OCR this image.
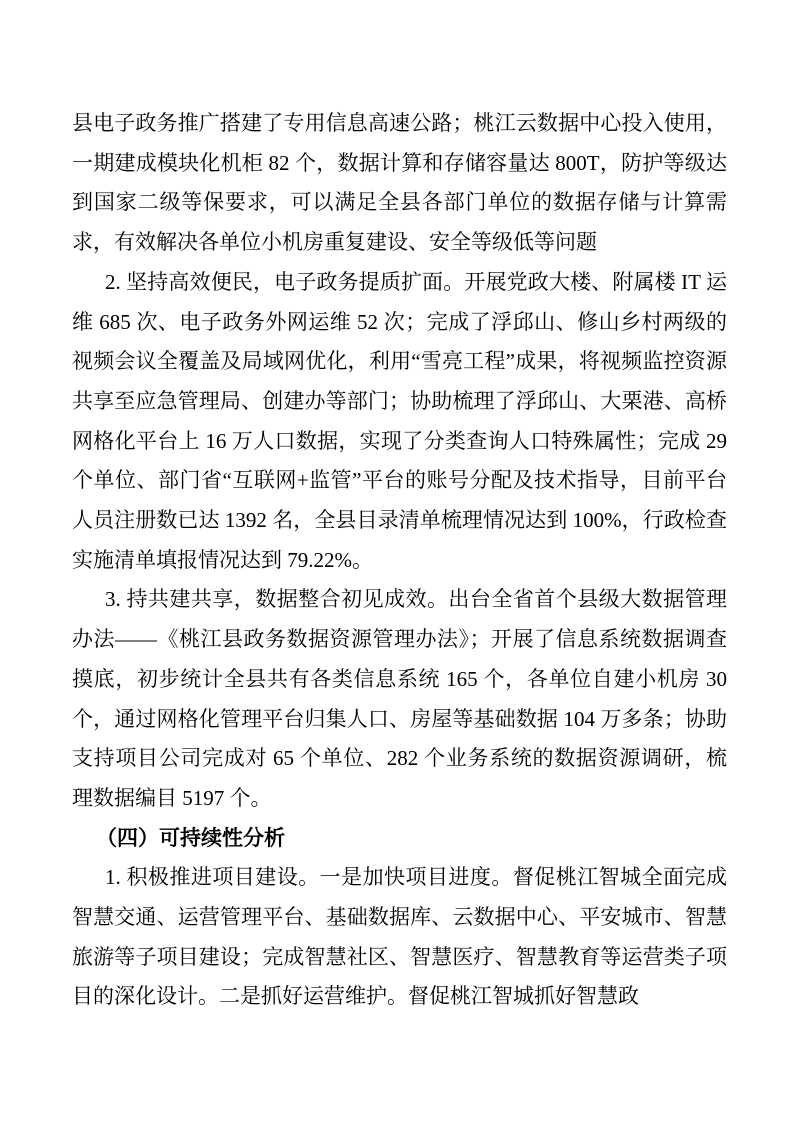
县电子政务推广搭建了专用信息高速公路；桃江云数据中心投入使用，一期建成模块化机柜 82 个，数据计算和存储容量达 800T，防护等级达到国家二级等保要求，可以满足全县各部门单位的数据存储与计算需求，有效解决各单位小机房重复建设、安全等级低等问题

2. 坚持高效便民，电子政务提质扩面。开展党政大楼、附属楼 IT 运维 685 次、电子政务外网运维 52 次；完成了浮邱山、修山乡村两级的视频会议全覆盖及局域网优化，利用“雪亮工程”成果，将视频监控资源共享至应急管理局、创建办等部门；协助梳理了浮邱山、大栗港、高桥网格化平台上 16 万人口数据，实现了分类查询人口特殊属性；完成 29 个单位、部门省“互联网+监管”平台的账号分配及技术指导，目前平台人员注册数已达 1392 名，全县目录清单梳理情况达到 100%，行政检查实施清单填报情况达到 79.22%。

3. 持共建共享，数据整合初见成效。出台全省首个县级大数据管理办法——《桃江县政务数据资源管理办法》；开展了信息系统数据调查摸底，初步统计全县共有各类信息系统 165 个，各单位自建小机房 30 个，通过网格化管理平台归集人口、房屋等基础数据 104 万多条；协助支持项目公司完成对 65 个单位、282 个业务系统的数据资源调研，梳理数据编目 5197 个。

（四）可持续性分析

1. 积极推进项目建设。一是加快项目进度。督促桃江智城全面完成智慧交通、运营管理平台、基础数据库、云数据中心、平安城市、智慧旅游等子项目建设；完成智慧社区、智慧医疗、智慧教育等运营类子项目的深化设计。二是抓好运营维护。督促桃江智城抓好智慧政
